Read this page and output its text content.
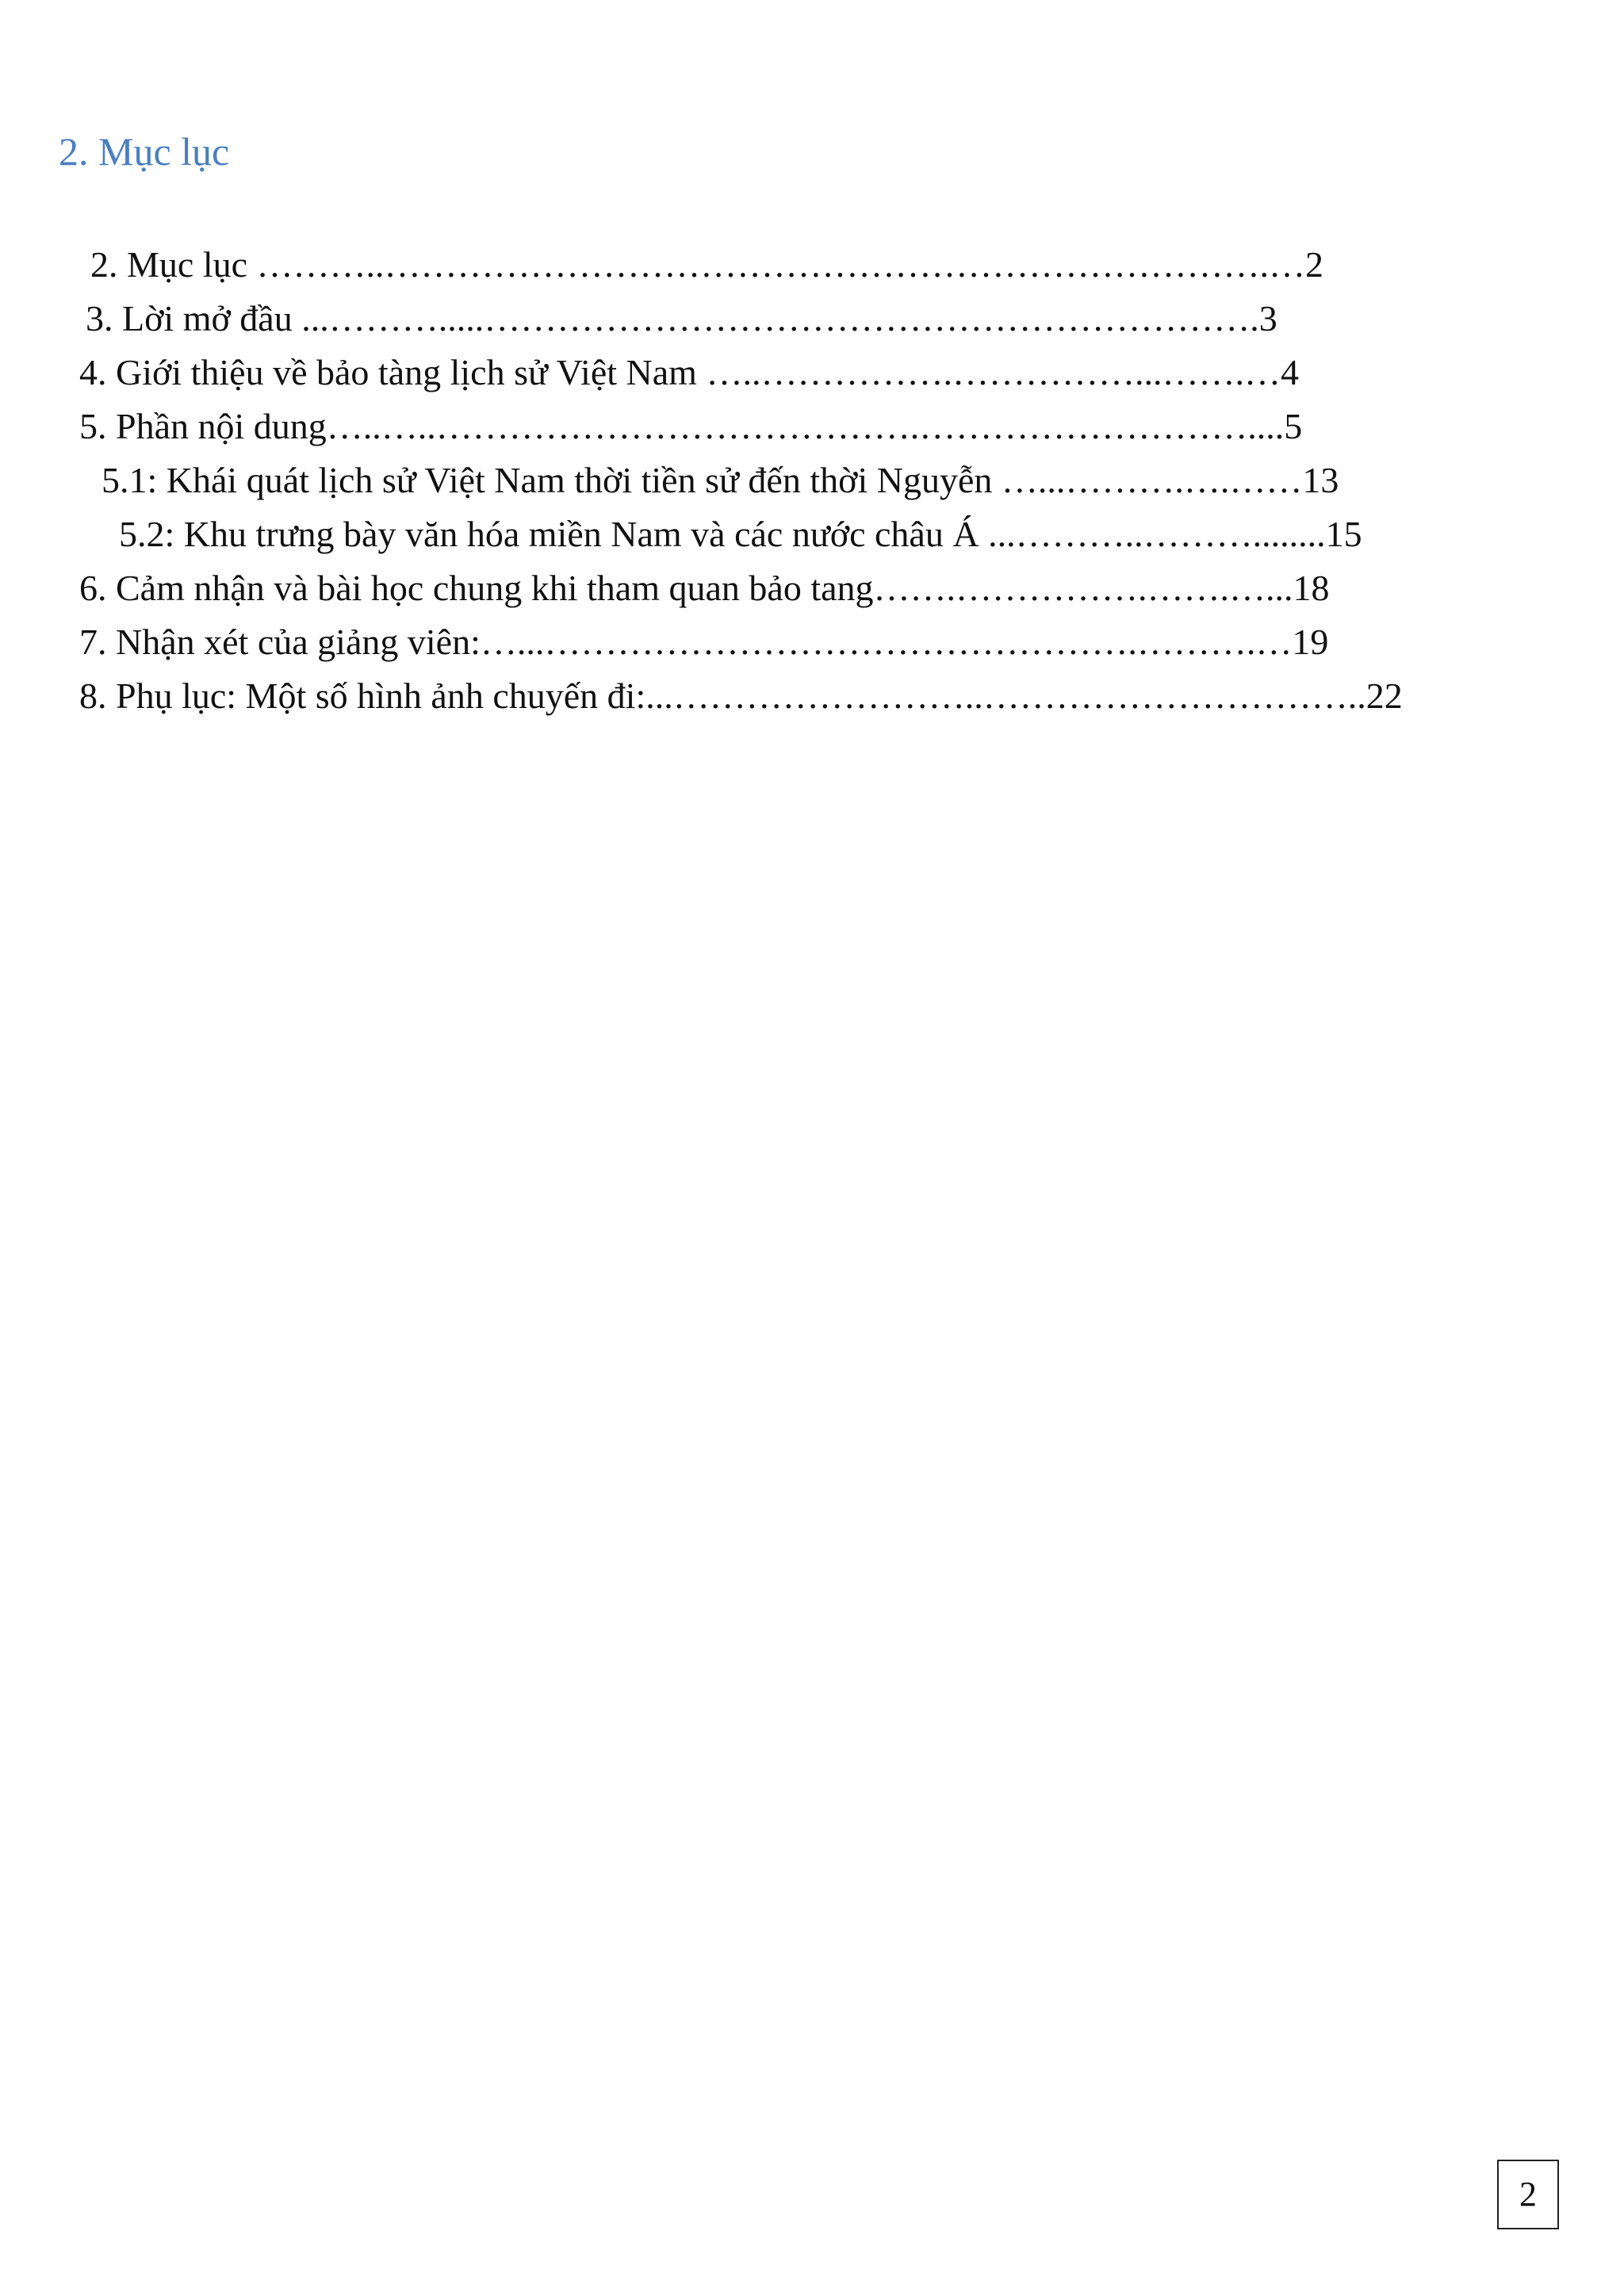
2. Mục lục
2. Mục lục ………..……………………………………………………………….…2
3. Lời mở đầu ...……….....……………………………………………………….3
4. Giới thiệu về bảo tàng lịch sử Việt Nam …..…………….……………...…….…4
5. Phần nội dung…..…..………………………………….………………………....5
5.1: Khái quát lịch sử Việt Nam thời tiền sử đến thời Nguyễn …...……….….……13
5.2: Khu trưng bày văn hóa miền Nam và các nước châu Á ...………..………........15
6. Cảm nhận và bài học chung khi tham quan bảo tang…….…………….…….…...18
7. Nhận xét của giảng viên:…...………………………………………….……….…19
8. Phụ lục: Một số hình ảnh chuyến đi:...……………………..…………………………..22
2
